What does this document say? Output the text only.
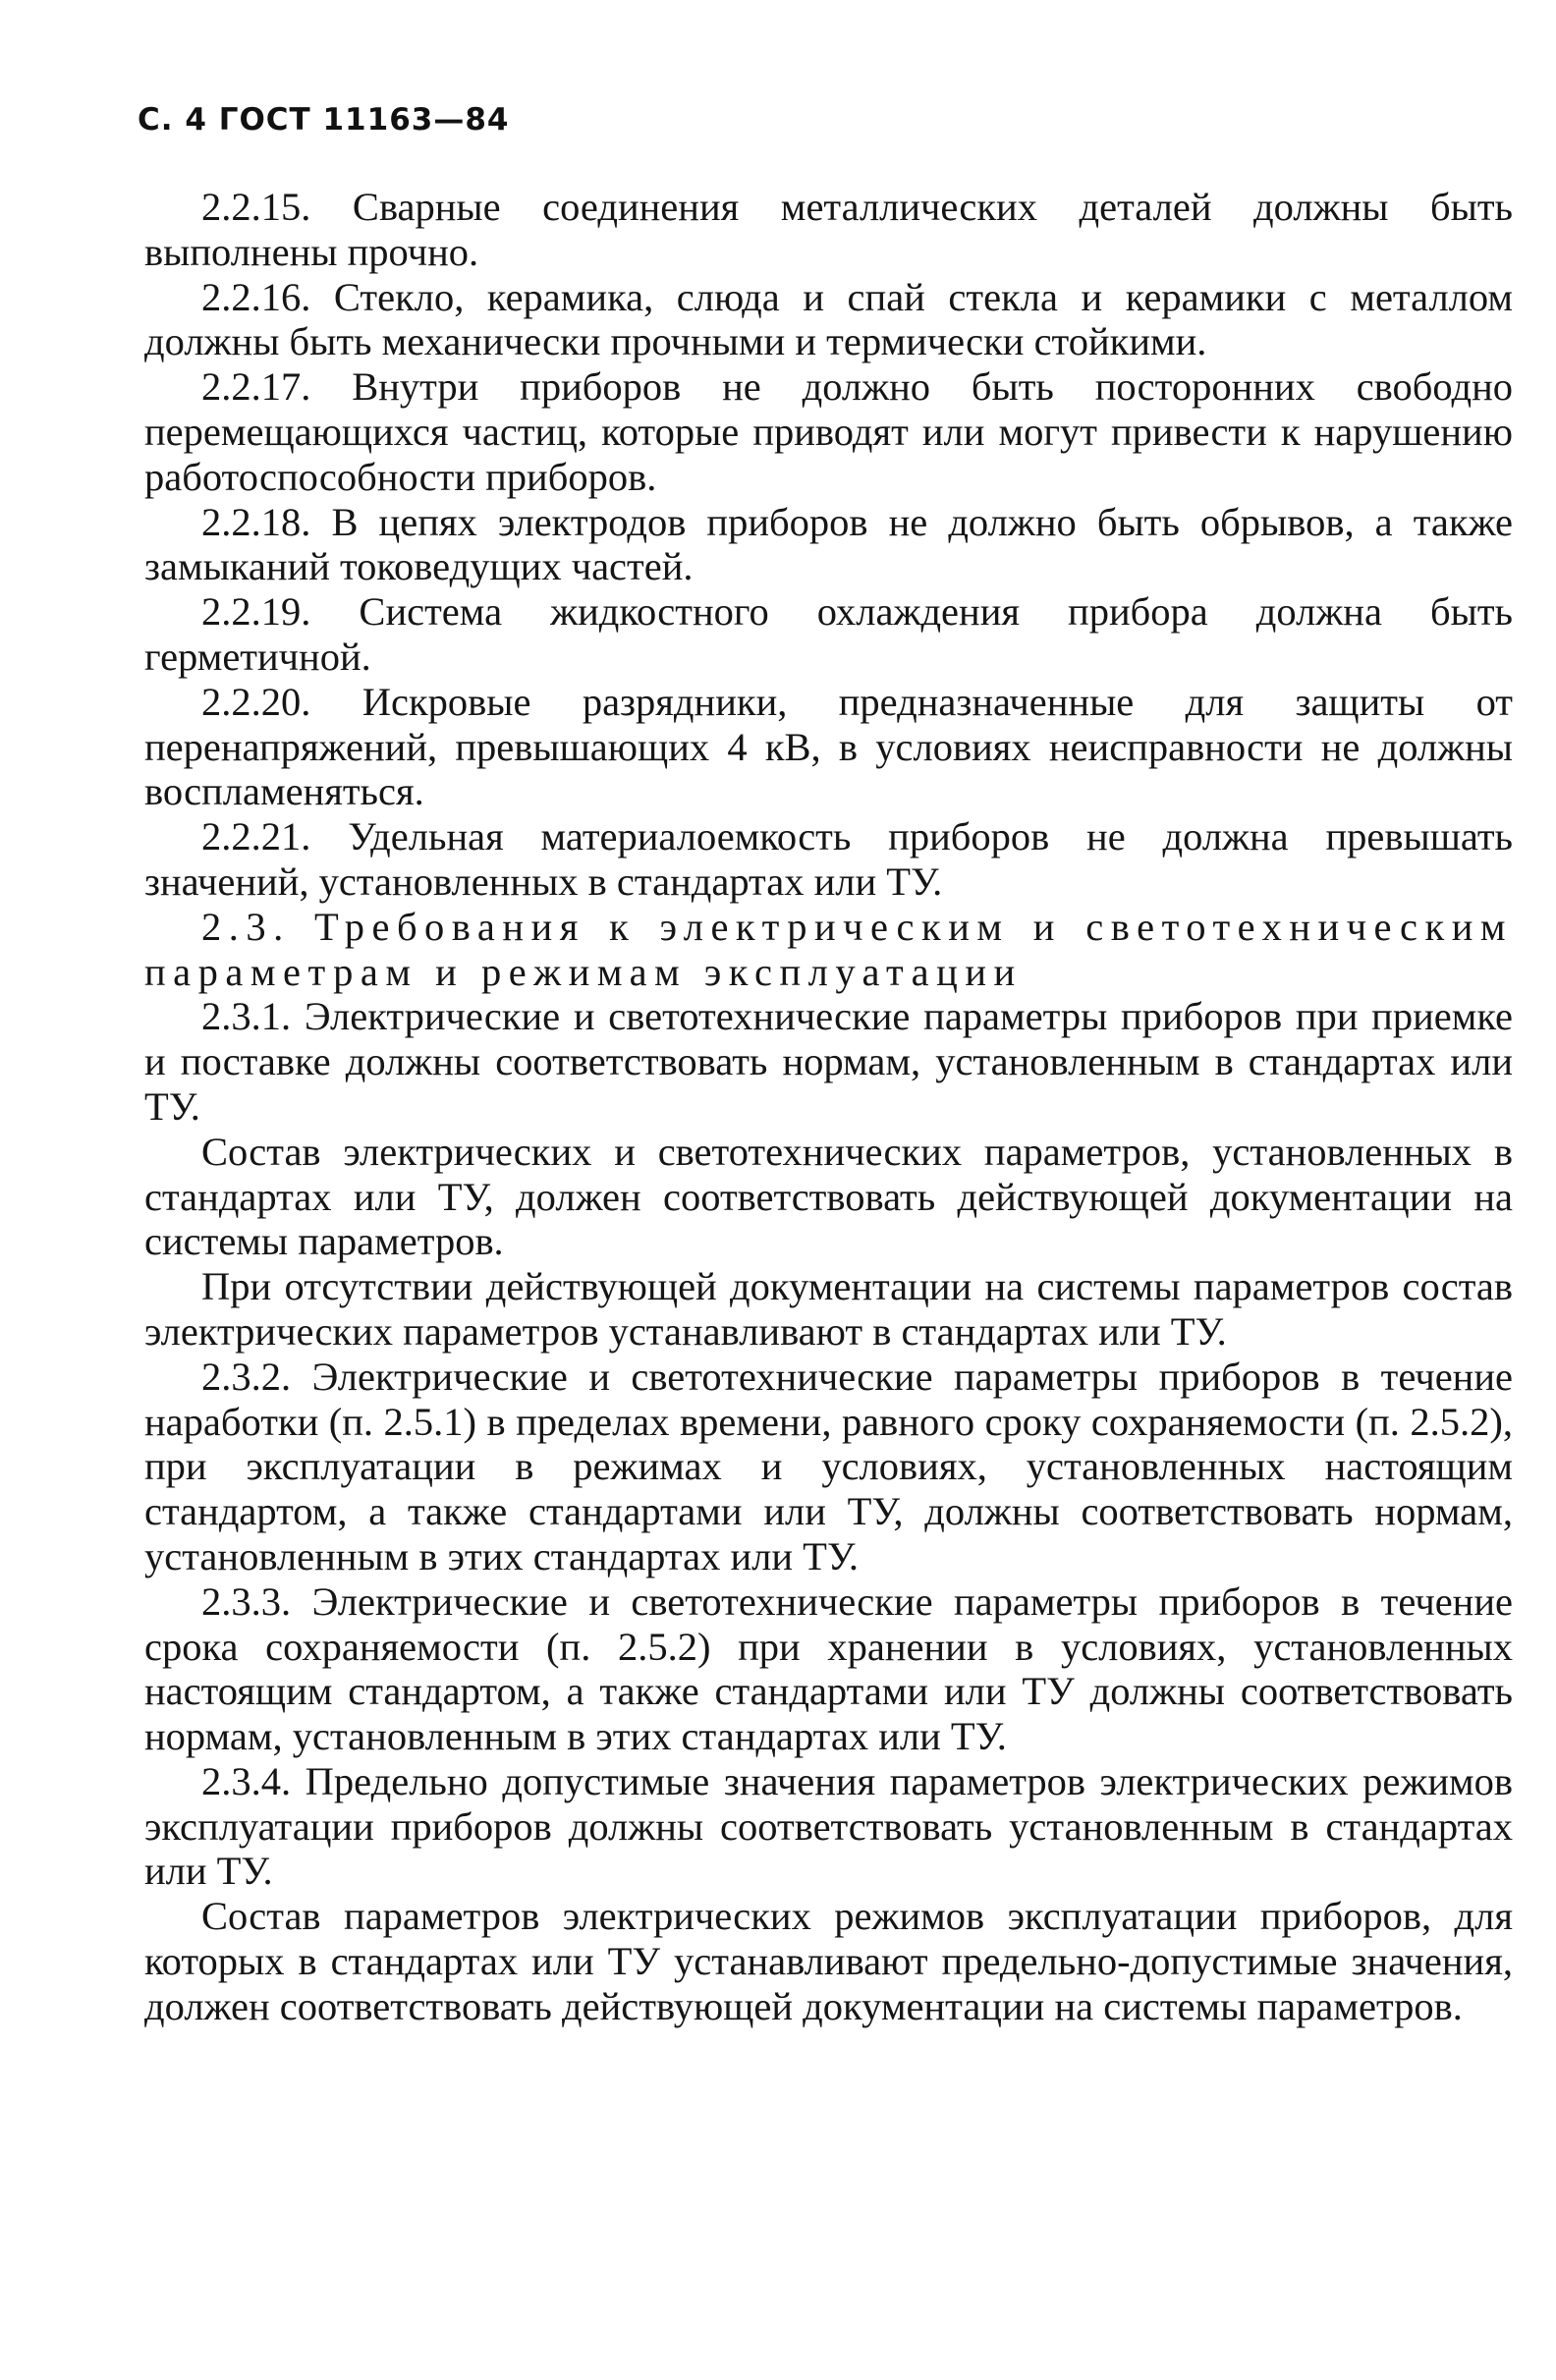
С. 4 ГОСТ 11163—84

2.2.15. Сварные соединения металлических деталей должны быть выполнены прочно.

2.2.16. Стекло, керамика, слюда и спай стекла и керамики с металлом должны быть механически прочными и термически стойкими.

2.2.17. Внутри приборов не должно быть посторонних свободно перемещающихся частиц, которые приводят или могут привести к нарушению работоспособности приборов.

2.2.18. В цепях электродов приборов не должно быть обрывов, а также замыканий токоведущих частей.

2.2.19. Система жидкостного охлаждения прибора должна быть герметичной.

2.2.20. Искровые разрядники, предназначенные для защиты от перенапряжений, превышающих 4 кВ, в условиях неисправности не должны воспламеняться.

2.2.21. Удельная материалоемкость приборов не должна превышать значений, установленных в стандартах или ТУ.

2.3. Требования к электрическим и светотехническим параметрам и режимам эксплуатации

2.3.1. Электрические и светотехнические параметры приборов при приемке и поставке должны соответствовать нормам, установленным в стандартах или ТУ.

Состав электрических и светотехнических параметров, установленных в стандартах или ТУ, должен соответствовать действующей документации на системы параметров.

При отсутствии действующей документации на системы параметров состав электрических параметров устанавливают в стандартах или ТУ.

2.3.2. Электрические и светотехнические параметры приборов в течение наработки (п. 2.5.1) в пределах времени, равного сроку сохраняемости (п. 2.5.2), при эксплуатации в режимах и условиях, установленных настоящим стандартом, а также стандартами или ТУ, должны соответствовать нормам, установленным в этих стандартах или ТУ.

2.3.3. Электрические и светотехнические параметры приборов в течение срока сохраняемости (п. 2.5.2) при хранении в условиях, установленных настоящим стандартом, а также стандартами или ТУ должны соответствовать нормам, установленным в этих стандартах или ТУ.

2.3.4. Предельно допустимые значения параметров электрических режимов эксплуатации приборов должны соответствовать установленным в стандартах или ТУ.

Состав параметров электрических режимов эксплуатации приборов, для которых в стандартах или ТУ устанавливают предельно-допустимые значения, должен соответствовать действующей документации на системы параметров.
